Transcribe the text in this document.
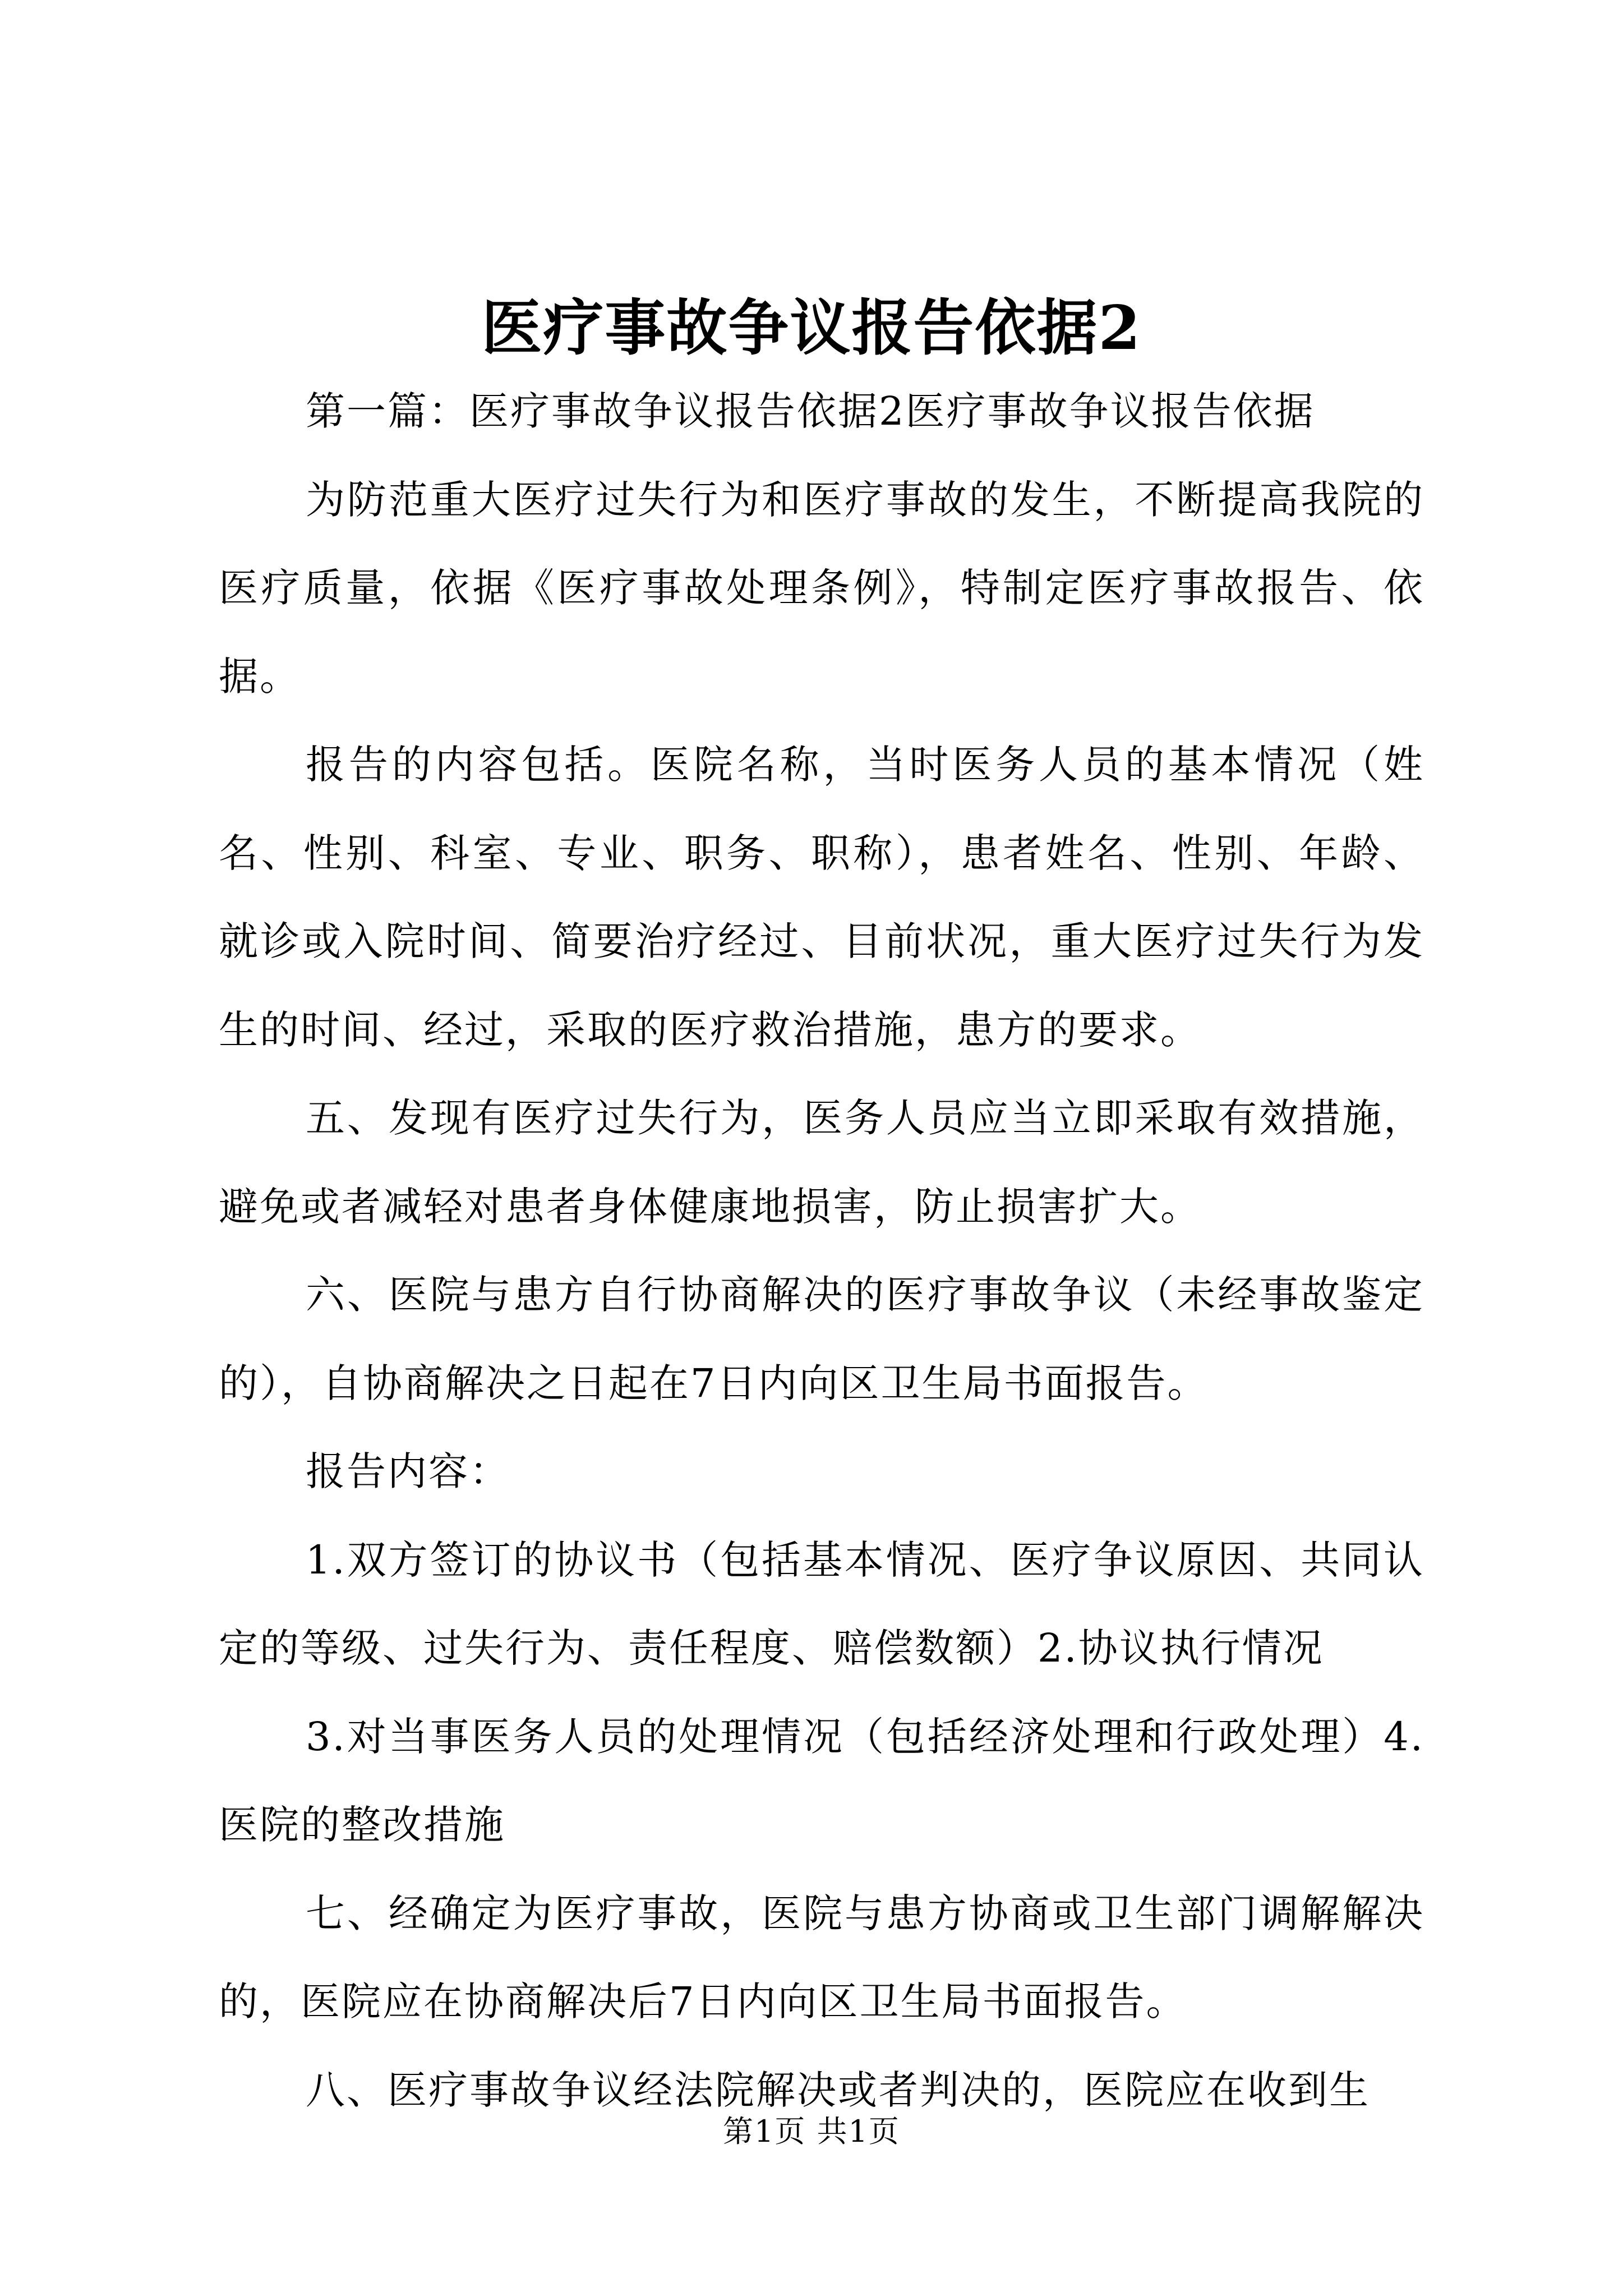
医疗事故争议报告依据2

第一篇：医疗事故争议报告依据2医疗事故争议报告依据

为防范重大医疗过失行为和医疗事故的发生，不断提高我院的医疗质量，依据《医疗事故处理条例》，特制定医疗事故报告、依据。

报告的内容包括。医院名称，当时医务人员的基本情况（姓名、性别、科室、专业、职务、职称），患者姓名、性别、年龄、就诊或入院时间、简要治疗经过、目前状况，重大医疗过失行为发生的时间、经过，采取的医疗救治措施，患方的要求。

五、发现有医疗过失行为，医务人员应当立即采取有效措施，避免或者减轻对患者身体健康地损害，防止损害扩大。

六、医院与患方自行协商解决的医疗事故争议（未经事故鉴定的），自协商解决之日起在7日内向区卫生局书面报告。

报告内容：

1.双方签订的协议书（包括基本情况、医疗争议原因、共同认定的等级、过失行为、责任程度、赔偿数额）2.协议执行情况

3.对当事医务人员的处理情况（包括经济处理和行政处理）4.医院的整改措施

七、经确定为医疗事故，医院与患方协商或卫生部门调解解决的，医院应在协商解决后7日内向区卫生局书面报告。

八、医疗事故争议经法院解决或者判决的，医院应在收到生

第1页 共1页
